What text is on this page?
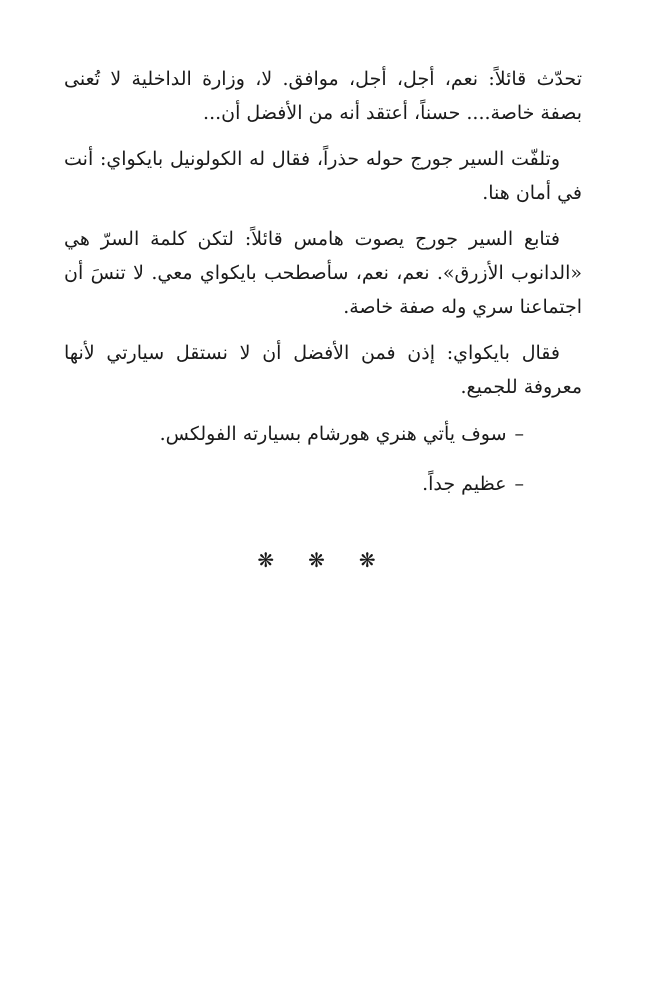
تحدّث قائلاً: نعم، أجل، أجل، موافق. لا، وزارة الداخلية لا تُعنى بصفة خاصة.... حسناً، أعتقد أنه من الأفضل أن...

وتلفّت السير جورج حوله حذراً، فقال له الكولونيل بايكواي: أنت في أمان هنا.

فتابع السير جورج يصوت هامس قائلاً: لتكن كلمة السرّ هي «الدانوب الأزرق». نعم، نعم، سأصطحب بايكواي معي. لا تنسَ أن اجتماعنا سري وله صفة خاصة.

فقال بايكواي: إذن فمن الأفضل أن لا نستقل سيارتي لأنها معروفة للجميع.

–سوف يأتي هنري هورشام بسيارته الفولكس.

–عظيم جداً.

❋❋❋
